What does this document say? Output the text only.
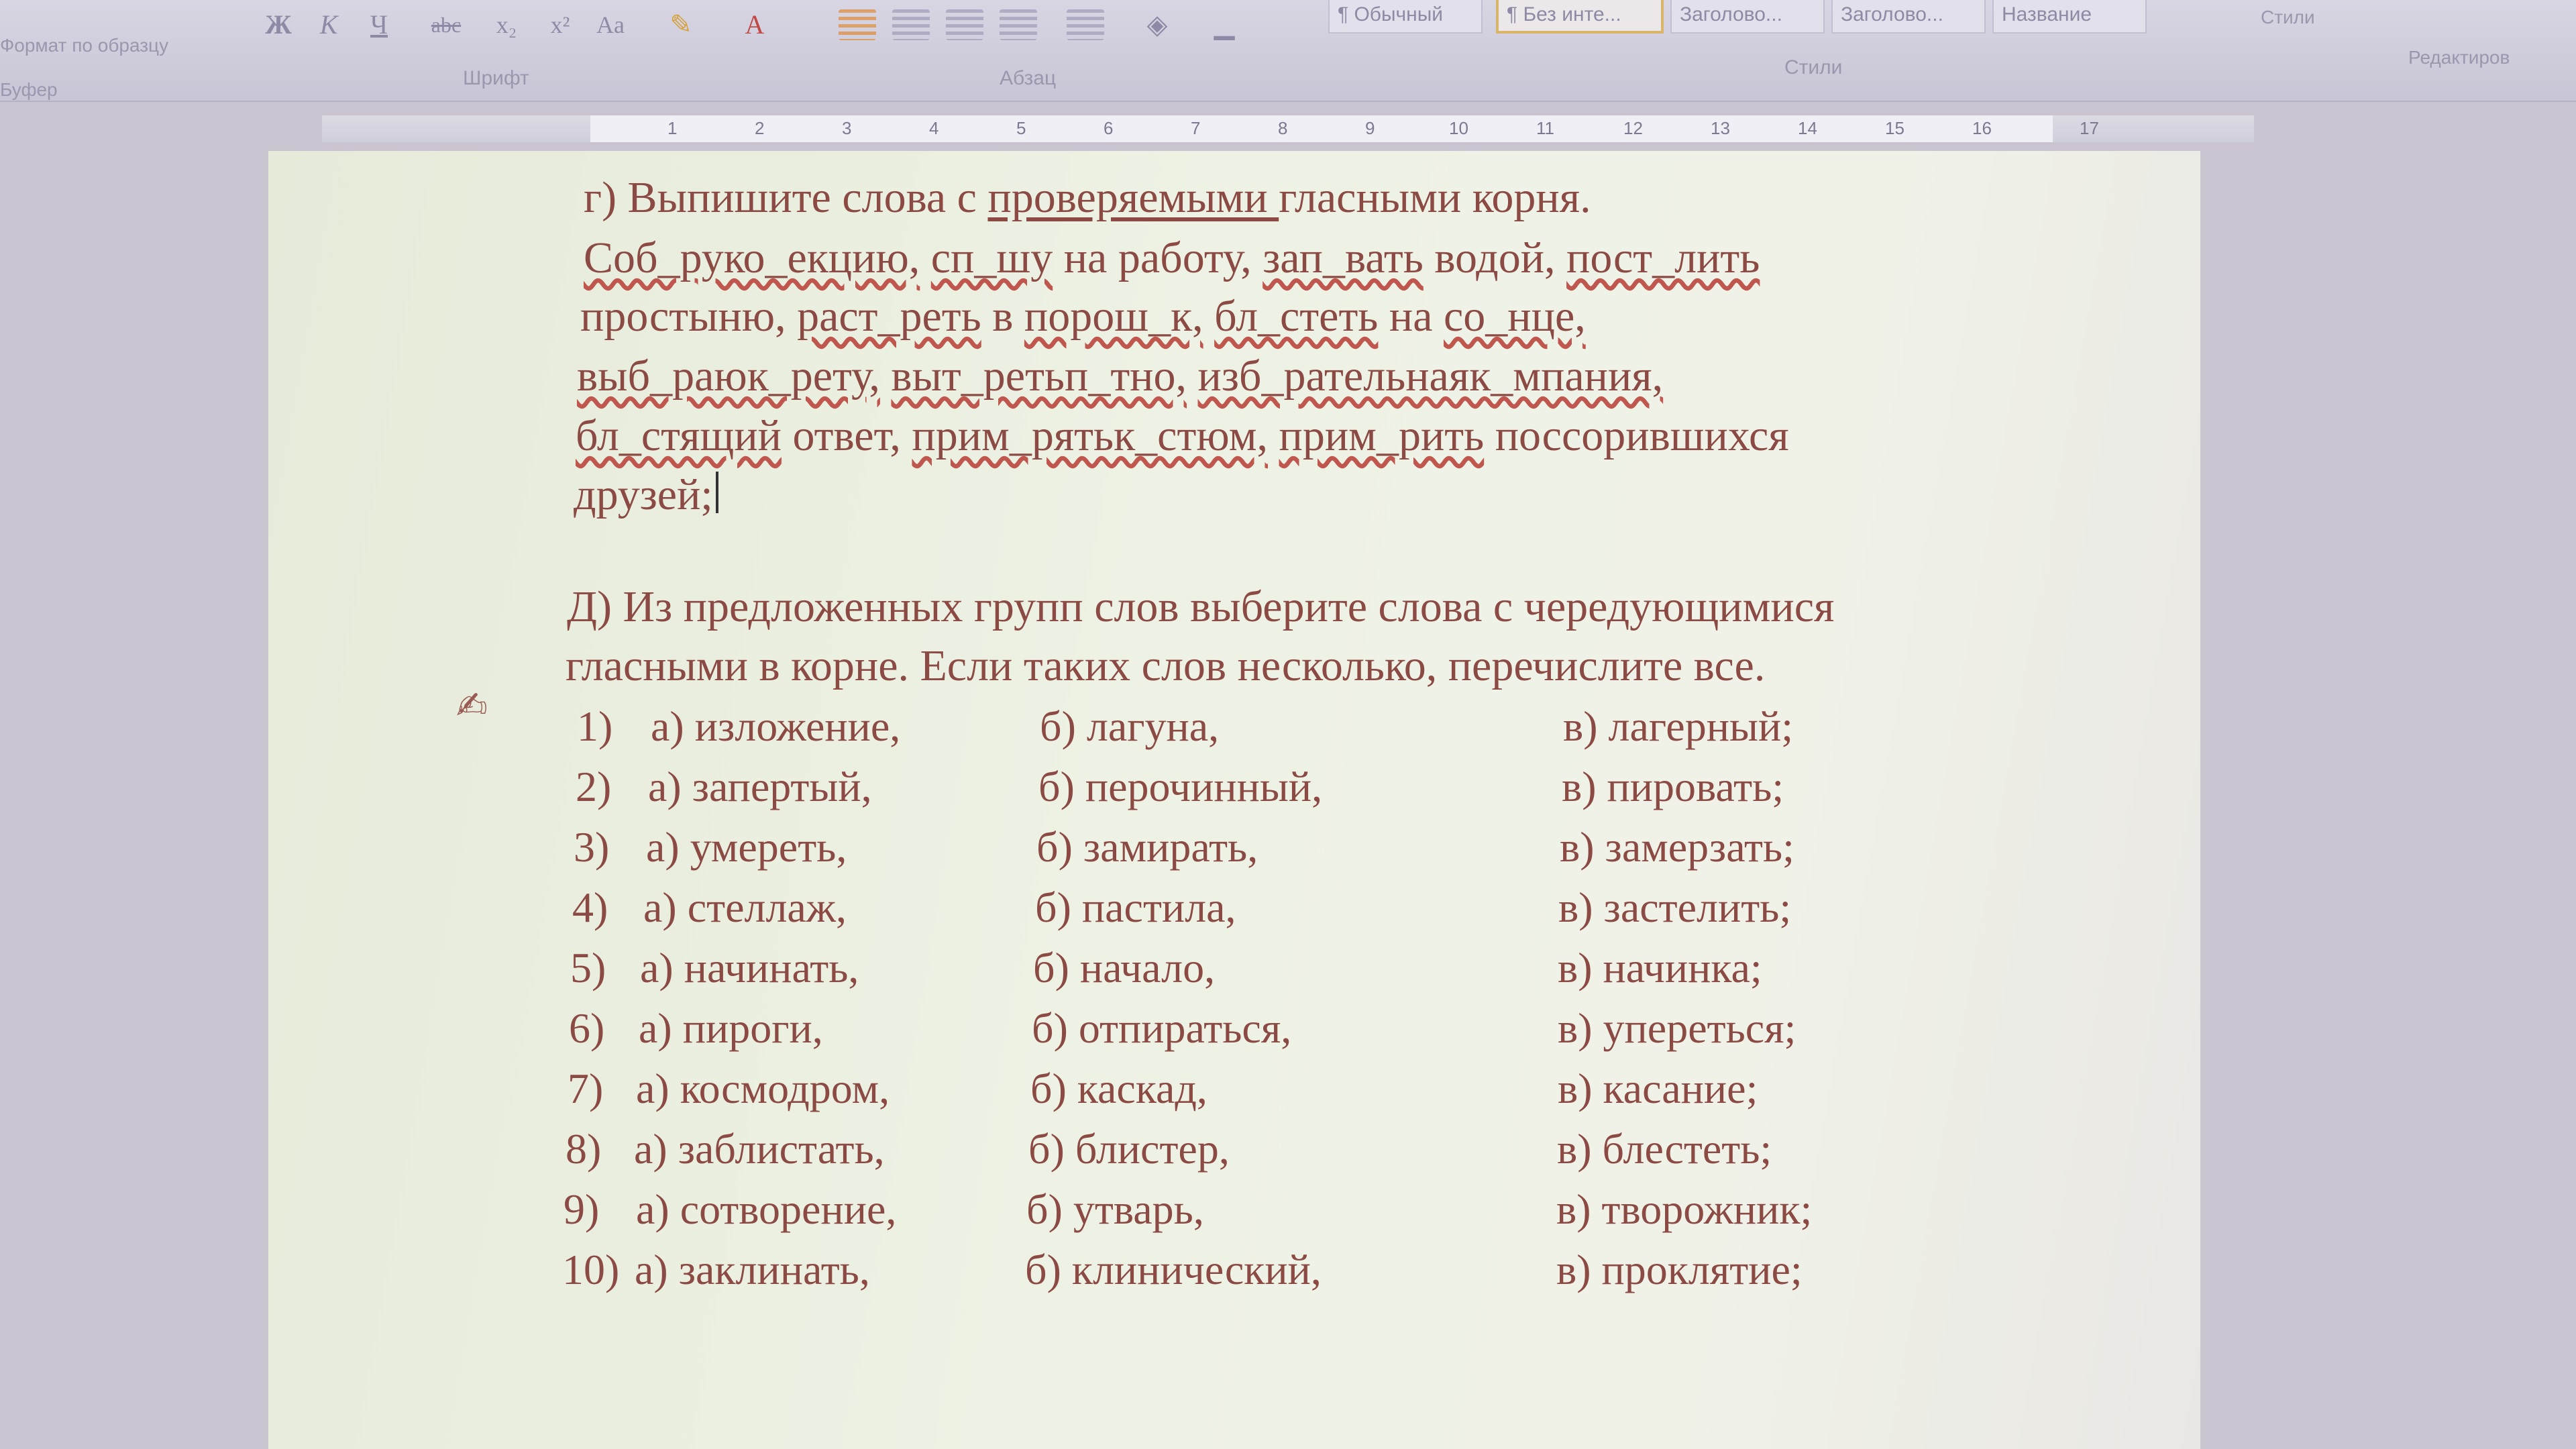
Формат по образцу
Буфер
Ж К	Ч	abc x₂ x² Aa ✎ A	◈ ▁
Шрифт	Абзац	Стили
¶ Обычный	¶ Без инте...	Заголово...	Заголово...	Название	Стили
Редактиров
1	2	3	4	5	6	7	8	9	10	11	12	13	14	15	16	17
г) Выпишите слова с проверяемыми гласными корня.
Соб_руко_екцию, сп_шу на работу, зап_вать водой, пост_лить
простыню, раст_реть в порош_к, бл_стеть на со_нце,
выб_раюк_рету, выт_ретьп_тно, изб_рательнаяк_мпания,
бл_стящий ответ, прим_рятьк_стюм, прим_рить поссорившихся
друзей;
Д) Из предложенных групп слов выберите слова с чередующимися
гласными в корне. Если таких слов несколько, перечислите все.
1) а) изложение,	б) лагуна,	в) лагерный;
2) а) запертый,	б) перочинный,	в) пировать;
3) а) умереть,	б) замирать,	в) замерзать;
4) а) стеллаж,	б) пастила,	в) застелить;
5) а) начинать,	б) начало,	в) начинка;
6) а) пироги,	б) отпираться,	в) упереться;
7) а) космодром,	б) каскад,	в) касание;
8) а) заблистать,	б) блистер,	в) блестеть;
9) а) сотворение,	б) утварь,	в) творожник;
10) а) заклинать,	б) клинический,	в) проклятие;
✍
